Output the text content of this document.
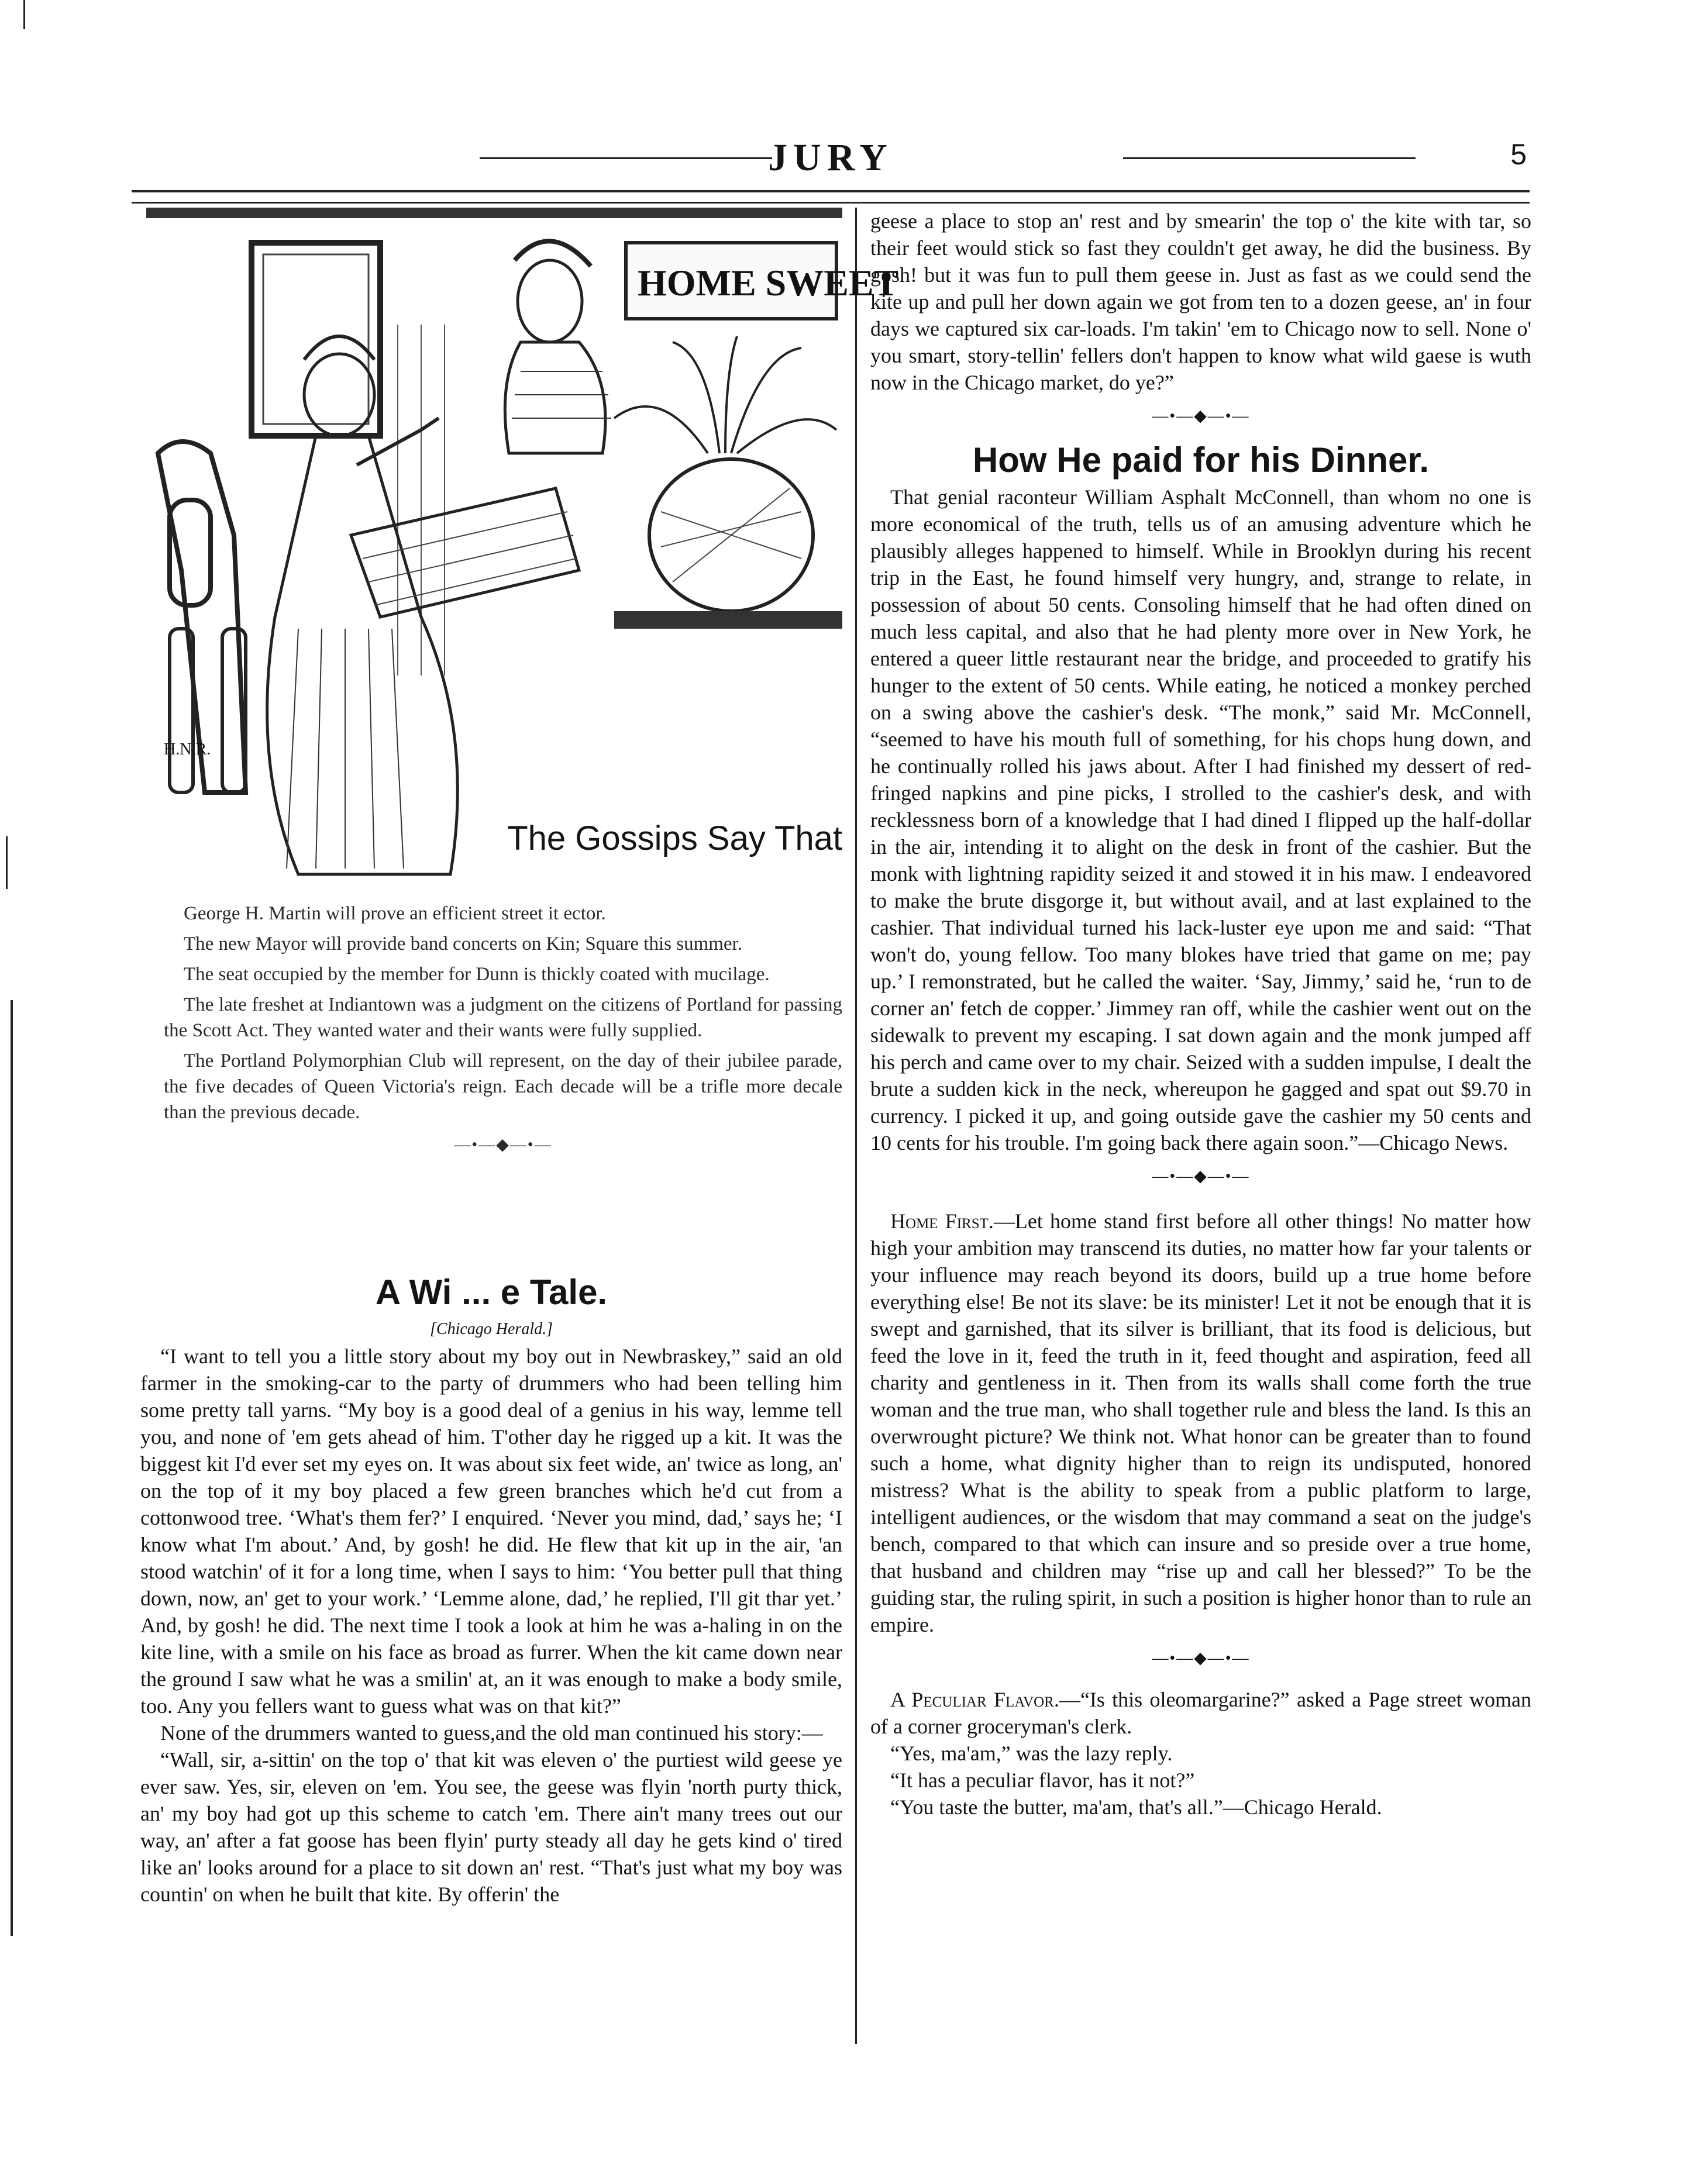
JURY	5
HOME SWEET
H.N.R.
The Gossips Say That

George H. Martin will prove an efficient street it ector.

The new Mayor will provide band concerts on Kin; Square this summer.

The seat occupied by the member for Dunn is thickly coated with mucilage.

The late freshet at Indiantown was a judgment on the citizens of Portland for passing the Scott Act. They wanted water and their wants were fully supplied.

The Portland Polymorphian Club will represent, on the day of their jubilee parade, the five decades of Queen Victoria's reign. Each decade will be a trifle more decale than the previous decade.

—•—◆—•—
A Wi ... e Tale.
[Chicago Herald.]

“I want to tell you a little story about my boy out in Newbraskey,” said an old farmer in the smoking-car to the party of drummers who had been telling him some pretty tall yarns. “My boy is a good deal of a genius in his way, lemme tell you, and none of 'em gets ahead of him. T'other day he rigged up a kit. It was the biggest kit I'd ever set my eyes on. It was about six feet wide, an' twice as long, an' on the top of it my boy placed a few green branches which he'd cut from a cottonwood tree. ‘What's them fer?’ I enquired. ‘Never you mind, dad,’ says he; ‘I know what I'm about.’ And, by gosh! he did. He flew that kit up in the air, 'an stood watchin' of it for a long time, when I says to him: ‘You better pull that thing down, now, an' get to your work.’ ‘Lemme alone, dad,’ he replied, I'll git thar yet.’ And, by gosh! he did. The next time I took a look at him he was a-haling in on the kite line, with a smile on his face as broad as furrer. When the kit came down near the ground I saw what he was a smilin' at, an it was enough to make a body smile, too. Any you fellers want to guess what was on that kit?”

None of the drummers wanted to guess,and the old man continued his story:—

“Wall, sir, a-sittin' on the top o' that kit was eleven o' the purtiest wild geese ye ever saw. Yes, sir, eleven on 'em. You see, the geese was flyin 'north purty thick, an' my boy had got up this scheme to catch 'em. There ain't many trees out our way, an' after a fat goose has been flyin' purty steady all day he gets kind o' tired like an' looks around for a place to sit down an' rest. “That's just what my boy was countin' on when he built that kite. By offerin' the

geese a place to stop an' rest and by smearin' the top o' the kite with tar, so their feet would stick so fast they couldn't get away, he did the business. By gosh! but it was fun to pull them geese in. Just as fast as we could send the kite up and pull her down again we got from ten to a dozen geese, an' in four days we captured six car-loads. I'm takin' 'em to Chicago now to sell. None o' you smart, story-tellin' fellers don't happen to know what wild gaese is wuth now in the Chicago market, do ye?”

—•—◆—•—
How He paid for his Dinner.

That genial raconteur William Asphalt McConnell, than whom no one is more economical of the truth, tells us of an amusing adventure which he plausibly alleges happened to himself. While in Brooklyn during his recent trip in the East, he found himself very hungry, and, strange to relate, in possession of about 50 cents. Consoling himself that he had often dined on much less capital, and also that he had plenty more over in New York, he entered a queer little restaurant near the bridge, and proceeded to gratify his hunger to the extent of 50 cents. While eating, he noticed a monkey perched on a swing above the cashier's desk. “The monk,” said Mr. McConnell, “seemed to have his mouth full of something, for his chops hung down, and he continually rolled his jaws about. After I had finished my dessert of red-fringed napkins and pine picks, I strolled to the cashier's desk, and with recklessness born of a knowledge that I had dined I flipped up the half-dollar in the air, intending it to alight on the desk in front of the cashier. But the monk with lightning rapidity seized it and stowed it in his maw. I endeavored to make the brute disgorge it, but without avail, and at last explained to the cashier. That individual turned his lack-luster eye upon me and said: “That won't do, young fellow. Too many blokes have tried that game on me; pay up.’ I remonstrated, but he called the waiter. ‘Say, Jimmy,’ said he, ‘run to de corner an' fetch de copper.’ Jimmey ran off, while the cashier went out on the sidewalk to prevent my escaping. I sat down again and the monk jumped aff his perch and came over to my chair. Seized with a sudden impulse, I dealt the brute a sudden kick in the neck, whereupon he gagged and spat out $9.70 in currency. I picked it up, and going outside gave the cashier my 50 cents and 10 cents for his trouble. I'm going back there again soon.”—Chicago News.

—•—◆—•—

Home First.—Let home stand first before all other things! No matter how high your ambition may transcend its duties, no matter how far your talents or your influence may reach beyond its doors, build up a true home before everything else! Be not its slave: be its minister! Let it not be enough that it is swept and garnished, that its silver is brilliant, that its food is delicious, but feed the love in it, feed the truth in it, feed thought and aspiration, feed all charity and gentleness in it. Then from its walls shall come forth the true woman and the true man, who shall together rule and bless the land. Is this an overwrought picture? We think not. What honor can be greater than to found such a home, what dignity higher than to reign its undisputed, honored mistress? What is the ability to speak from a public platform to large, intelligent audiences, or the wisdom that may command a seat on the judge's bench, compared to that which can insure and so preside over a true home, that husband and children may “rise up and call her blessed?” To be the guiding star, the ruling spirit, in such a position is higher honor than to rule an empire.

—•—◆—•—

A Peculiar Flavor.—“Is this oleomargarine?” asked a Page street woman of a corner groceryman's clerk.

“Yes, ma'am,” was the lazy reply.

“It has a peculiar flavor, has it not?”

“You taste the butter, ma'am, that's all.”—Chicago Herald.
